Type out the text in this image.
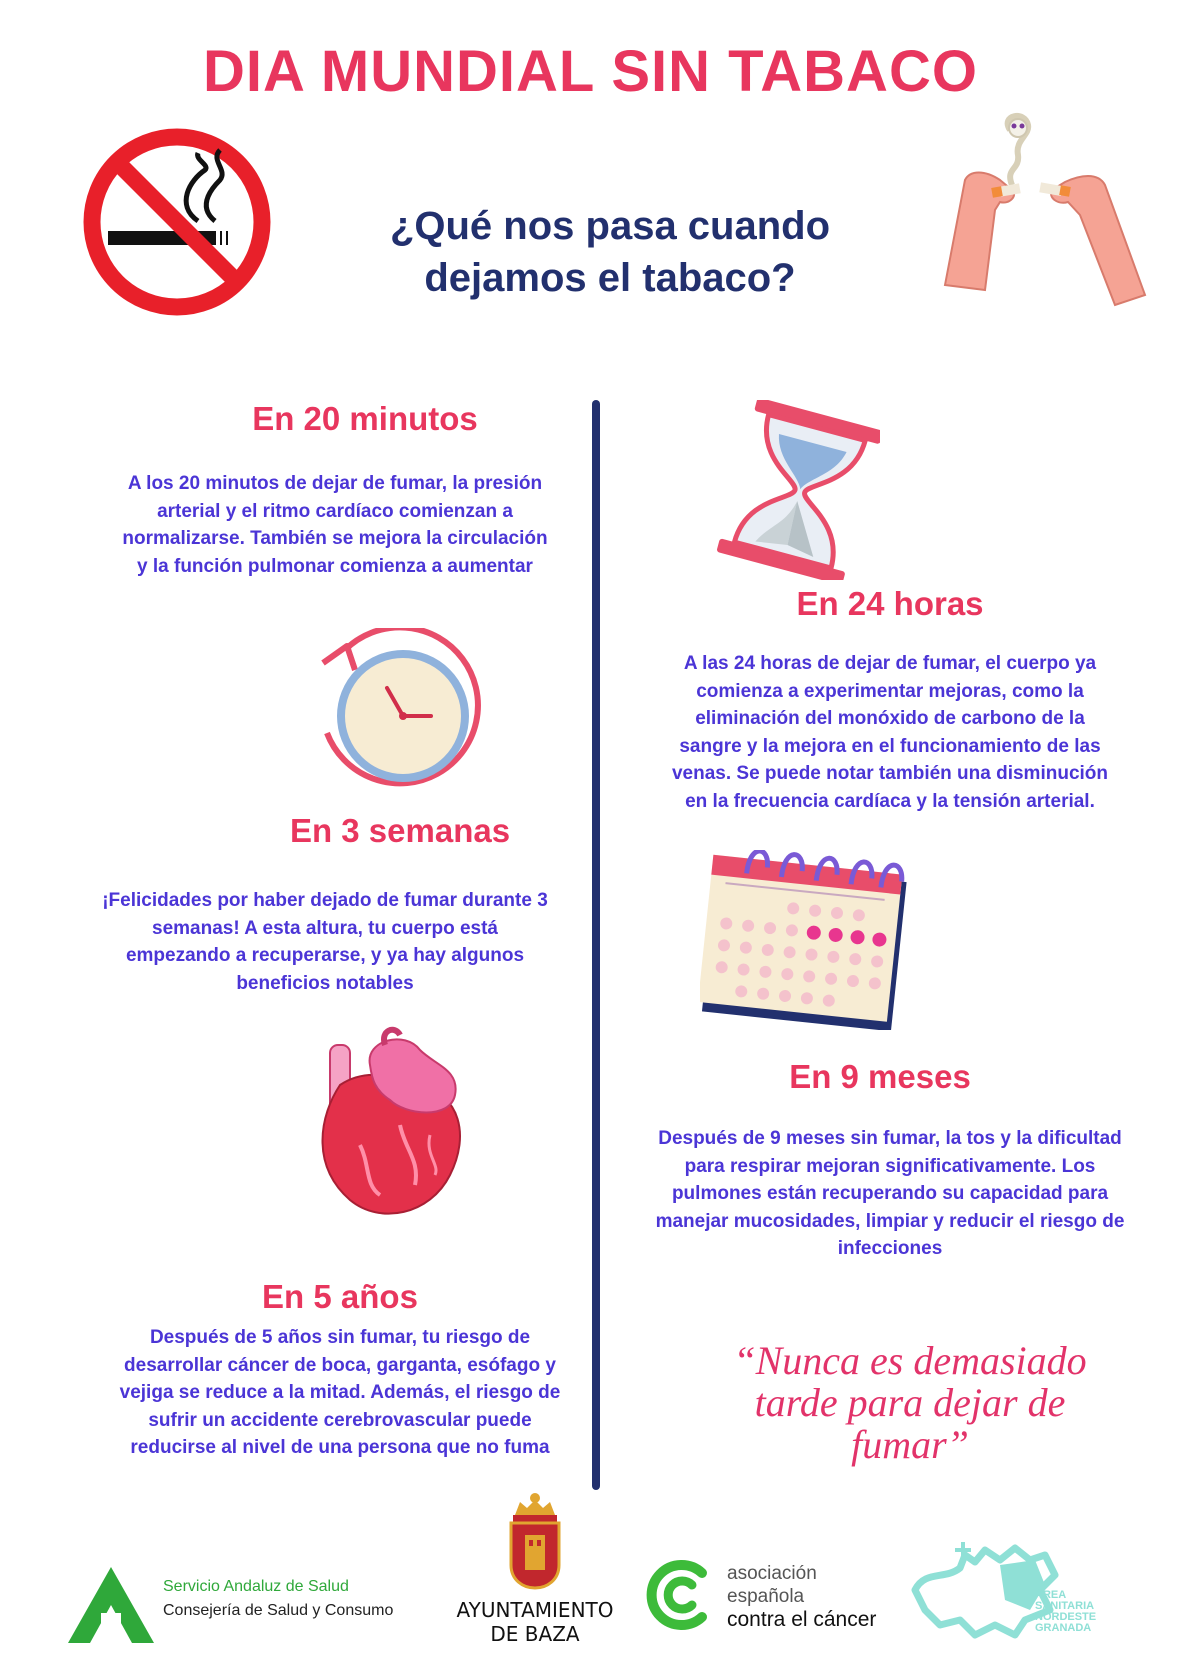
DIA MUNDIAL SIN TABACO
¿Qué nos pasa cuando
dejamos el tabaco?
En 20 minutos
A los 20 minutos de dejar de fumar, la presión arterial y el ritmo cardíaco comienzan a normalizarse. También se mejora la circulación y la función pulmonar comienza a aumentar
En 3 semanas
¡Felicidades por haber dejado de fumar durante 3 semanas! A esta altura, tu cuerpo está empezando a recuperarse, y ya hay algunos beneficios notables
En 5 años
Después de 5 años sin fumar, tu riesgo de desarrollar cáncer de boca, garganta, esófago y vejiga se reduce a la mitad. Además, el riesgo de sufrir un accidente cerebrovascular puede reducirse al nivel de una persona que no fuma
En 24 horas
A las 24 horas de dejar de fumar, el cuerpo ya comienza a experimentar mejoras, como la eliminación del monóxido de carbono de la sangre y la mejora en el funcionamiento de las venas. Se puede notar también una disminución en la frecuencia cardíaca y la tensión arterial.
En 9 meses
Después de 9 meses sin fumar, la tos y la dificultad para respirar mejoran significativamente. Los pulmones están recuperando su capacidad para manejar mucosidades, limpiar y reducir el riesgo de infecciones
“Nunca es demasiado tarde para dejar de fumar”
Servicio Andaluz de Salud
Consejería de Salud y Consumo	AYUNTAMIENTO
DE BAZA
asociación
española
contra el cáncer
ÁREA
SANITARIA
NORDESTE
GRANADA
